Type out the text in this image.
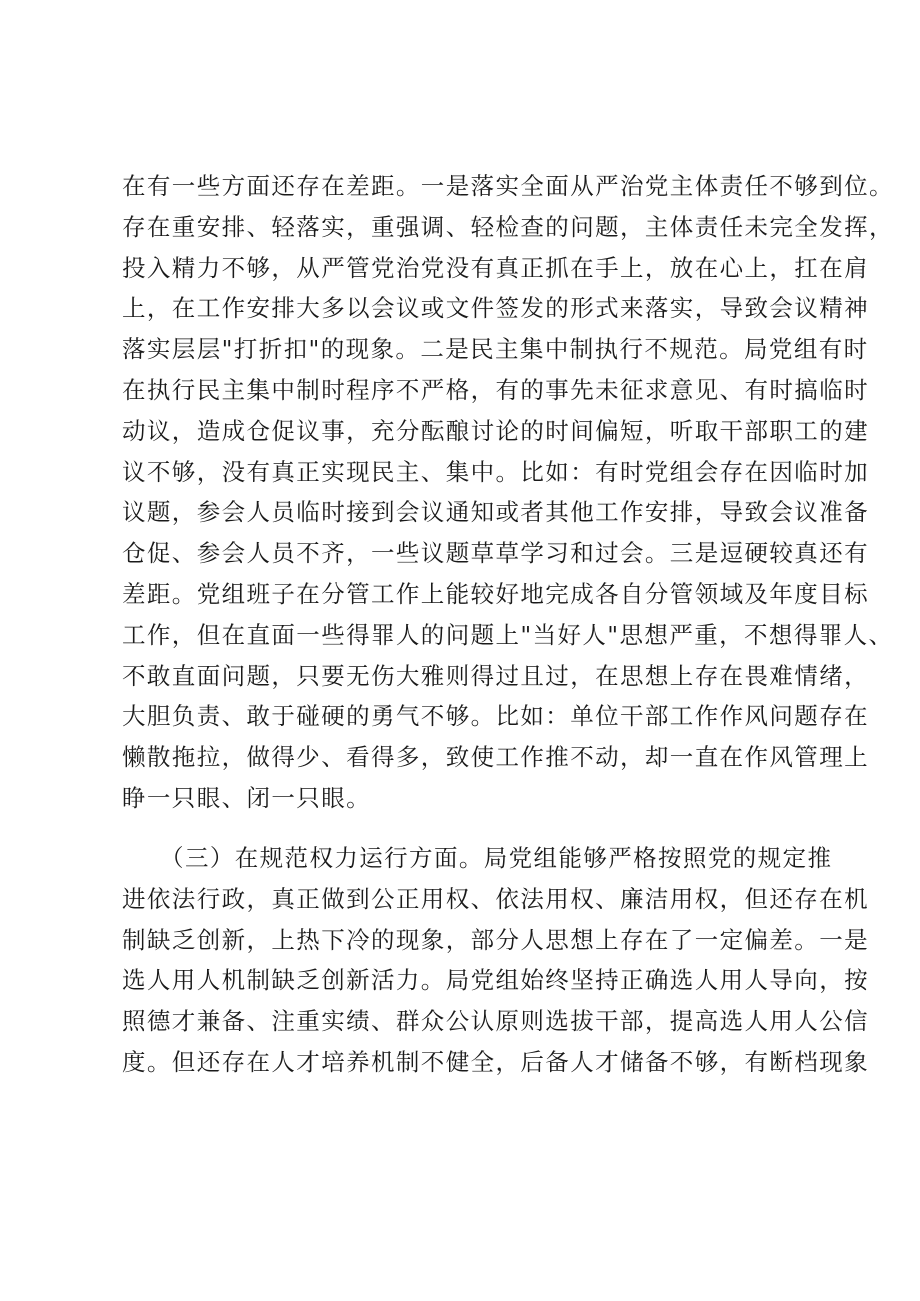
在有一些方面还存在差距。一是落实全面从严治党主体责任不够到位。
存在重安排、轻落实，重强调、轻检查的问题，主体责任未完全发挥，
投入精力不够，从严管党治党没有真正抓在手上，放在心上，扛在肩
上，在工作安排大多以会议或文件签发的形式来落实，导致会议精神
落实层层"打折扣"的现象。二是民主集中制执行不规范。局党组有时
在执行民主集中制时程序不严格，有的事先未征求意见、有时搞临时
动议，造成仓促议事，充分酝酿讨论的时间偏短，听取干部职工的建
议不够，没有真正实现民主、集中。比如：有时党组会存在因临时加
议题，参会人员临时接到会议通知或者其他工作安排，导致会议准备
仓促、参会人员不齐，一些议题草草学习和过会。三是逗硬较真还有
差距。党组班子在分管工作上能较好地完成各自分管领域及年度目标
工作，但在直面一些得罪人的问题上"当好人"思想严重，不想得罪人、
不敢直面问题，只要无伤大雅则得过且过，在思想上存在畏难情绪，
大胆负责、敢于碰硬的勇气不够。比如：单位干部工作作风问题存在
懒散拖拉，做得少、看得多，致使工作推不动，却一直在作风管理上
睁一只眼、闭一只眼。
　　（三）在规范权力运行方面。局党组能够严格按照党的规定推
进依法行政，真正做到公正用权、依法用权、廉洁用权，但还存在机
制缺乏创新，上热下冷的现象，部分人思想上存在了一定偏差。一是
选人用人机制缺乏创新活力。局党组始终坚持正确选人用人导向，按
照德才兼备、注重实绩、群众公认原则选拔干部，提高选人用人公信
度。但还存在人才培养机制不健全，后备人才储备不够，有断档现象
